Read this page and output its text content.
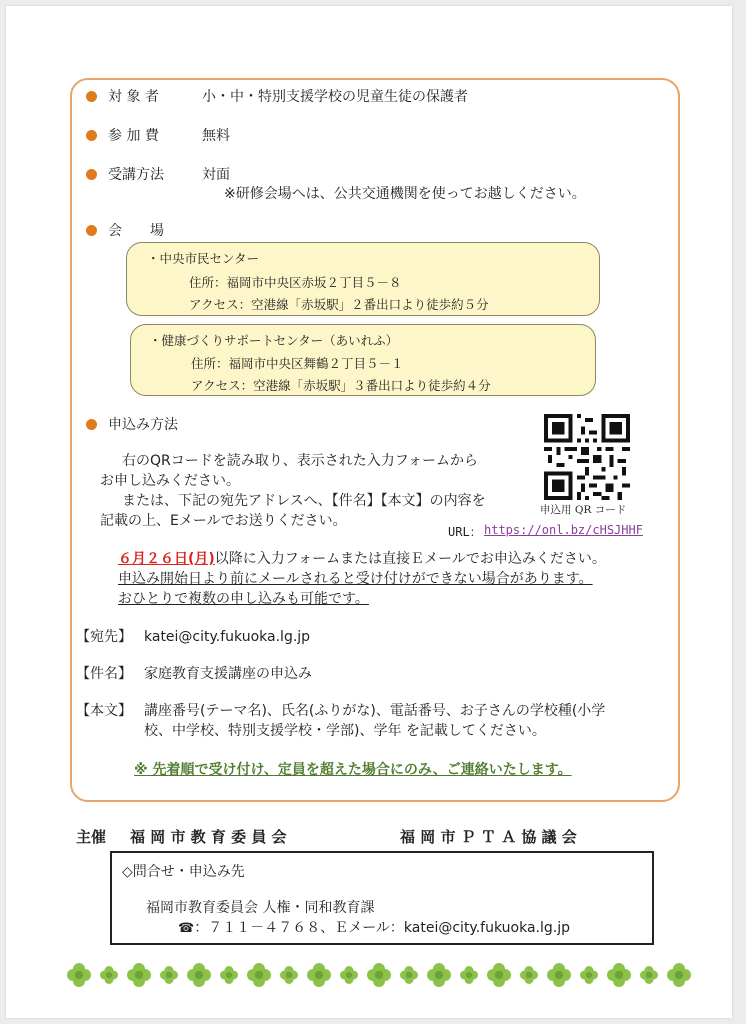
対 象 者	小・中・特別支援学校の児童生徒の保護者
参 加 費	無料
受講方法	対面
※研修会場へは、公共交通機関を使ってお越しください。
会　　場
・中央市民センター
住所：福岡市中央区赤坂２丁目５－８
アクセス：空港線「赤坂駅」２番出口より徒歩約５分
・健康づくりサポートセンター（あいれふ）
住所：福岡市中央区舞鶴２丁目５－１
アクセス：空港線「赤坂駅」３番出口より徒歩約４分
申込み方法
右のQRコードを読み取り、表示された入力フォームから
お申し込みください。
または、下記の宛先アドレスへ、【件名】【本文】の内容を
記載の上、Eメールでお送りください。
申込用 QR コード
URL： https://onl.bz/cHSJHHF
６月２６日(月)以降に入力フォームまたは直接Ｅメールでお申込みください。
申込み開始日より前にメールされると受け付けができない場合があります。
おひとりで複数の申し込みも可能です。
【宛先】 katei@city.fukuoka.lg.jp
【件名】 家庭教育支援講座の申込み
【本文】 講座番号(テーマ名)、氏名(ふりがな)、電話番号、お子さんの学校種(小学
校、中学校、特別支援学校・学部)、学年 を記載してください。
※ 先着順で受け付け、定員を超えた場合にのみ、ご連絡いたします。
主催 福 岡 市 教 育 委 員 会	福 岡 市 Ｐ Ｔ Ａ 協 議 会
◇問合せ・申込み先
福岡市教育委員会 人権・同和教育課
☎：７１１－４７６８、Ｅメール：katei@city.fukuoka.lg.jp
